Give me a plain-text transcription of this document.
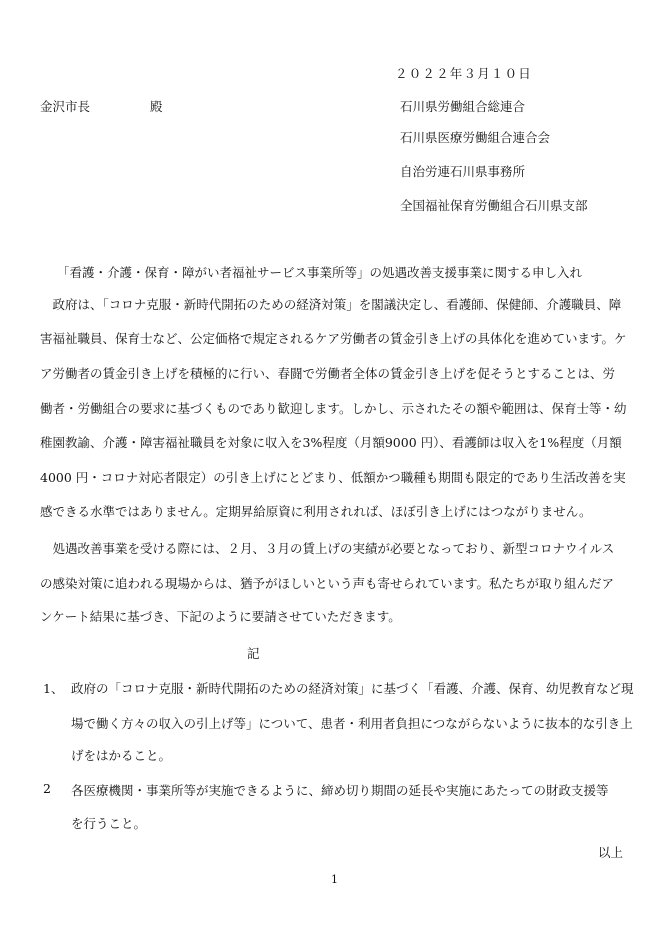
２０２２年３月１０日
金沢市長	殿	石川県労働組合総連合
石川県医療労働組合連合会
自治労連石川県事務所
全国福祉保育労働組合石川県支部
「看護・介護・保育・障がい者福祉サービス事業所等」の処遇改善支援事業に関する申し入れ
　政府は、「コロナ克服・新時代開拓のための経済対策」を閣議決定し、看護師、保健師、介護職員、障
害福祉職員、保育士など、公定価格で規定されるケア労働者の賃金引き上げの具体化を進めています。ケ
ア労働者の賃金引き上げを積極的に行い、春闘で労働者全体の賃金引き上げを促そうとすることは、労
働者・労働組合の要求に基づくものであり歓迎します。しかし、示されたその額や範囲は、保育士等・幼
稚園教諭、介護・障害福祉職員を対象に収入を3%程度（月額9000 円）、看護師は収入を1%程度（月額
4000 円・コロナ対応者限定）の引き上げにとどまり、低額かつ職種も期間も限定的であり生活改善を実
感できる水準ではありません。定期昇給原資に利用されれば、ほぼ引き上げにはつながりません。
　処遇改善事業を受ける際には、２月、３月の賃上げの実績が必要となっており、新型コロナウイルス
の感染対策に追われる現場からは、猶予がほしいという声も寄せられています。私たちが取り組んだア
ンケート結果に基づき、下記のように要請させていただきます。
記
1、 政府の「コロナ克服・新時代開拓のための経済対策」に基づく「看護、介護、保育、幼児教育など現
場で働く方々の収入の引上げ等」について、患者・利用者負担につながらないように抜本的な引き上
げをはかること。
2 各医療機関・事業所等が実施できるように、締め切り期間の延長や実施にあたっての財政支援等
を行うこと。
以上
1
